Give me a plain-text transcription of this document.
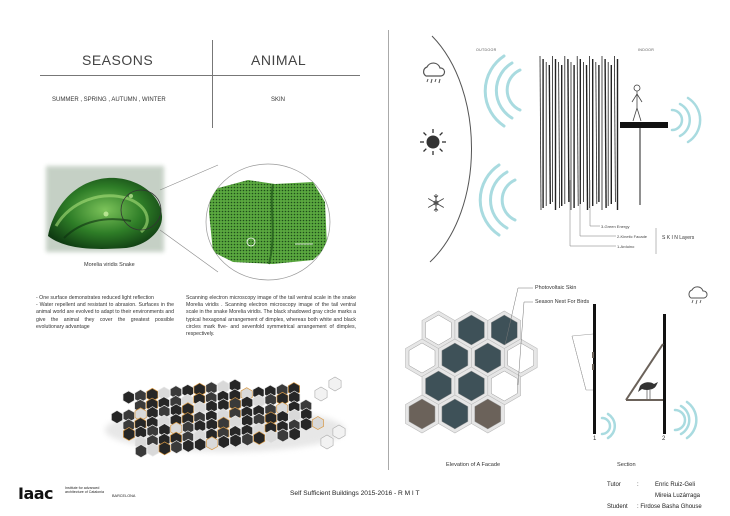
SEASONS	ANIMAL
SUMMER , SPRING , AUTUMN , WINTER	SKIN
Morelia viridis Snake
- One surface demonstrates reduced light reflection
- Water repellent and resistant to abrasion. Surfaces in the animal world are evolved to adapt to their environments and give the animal they cover the greatest possible evolutionary advantage
Scanning electron microscopy image of the tail ventral scale in the snake Morelia viridis . Scanning electron microscopy image of the tail ventral scale in the snake Morelia viridis. The black shadowed gray circle marks a typical hexagonal arrangement of dimples, whereas both white and black circles mark five- and sevenfold symmetrical arrangement of dimples, respectively.
OUTDOOR	INDOOR
3-Green Energy
2-Kinetic Facade
1-Arduino
S K I N Layers
Photovoltaic Skin
Season Nest For Birds
Elevation of A Facade
1	2
Section
Iaac	Institute for advanced architecture of Catalonia
BARCELONA	Self Sufficient Buildings 2015-2016 - R M I T
Tutor	:	Enric Ruiz-Geli
Mireia Luzárraga
Student : Firdose Basha Ghouse
